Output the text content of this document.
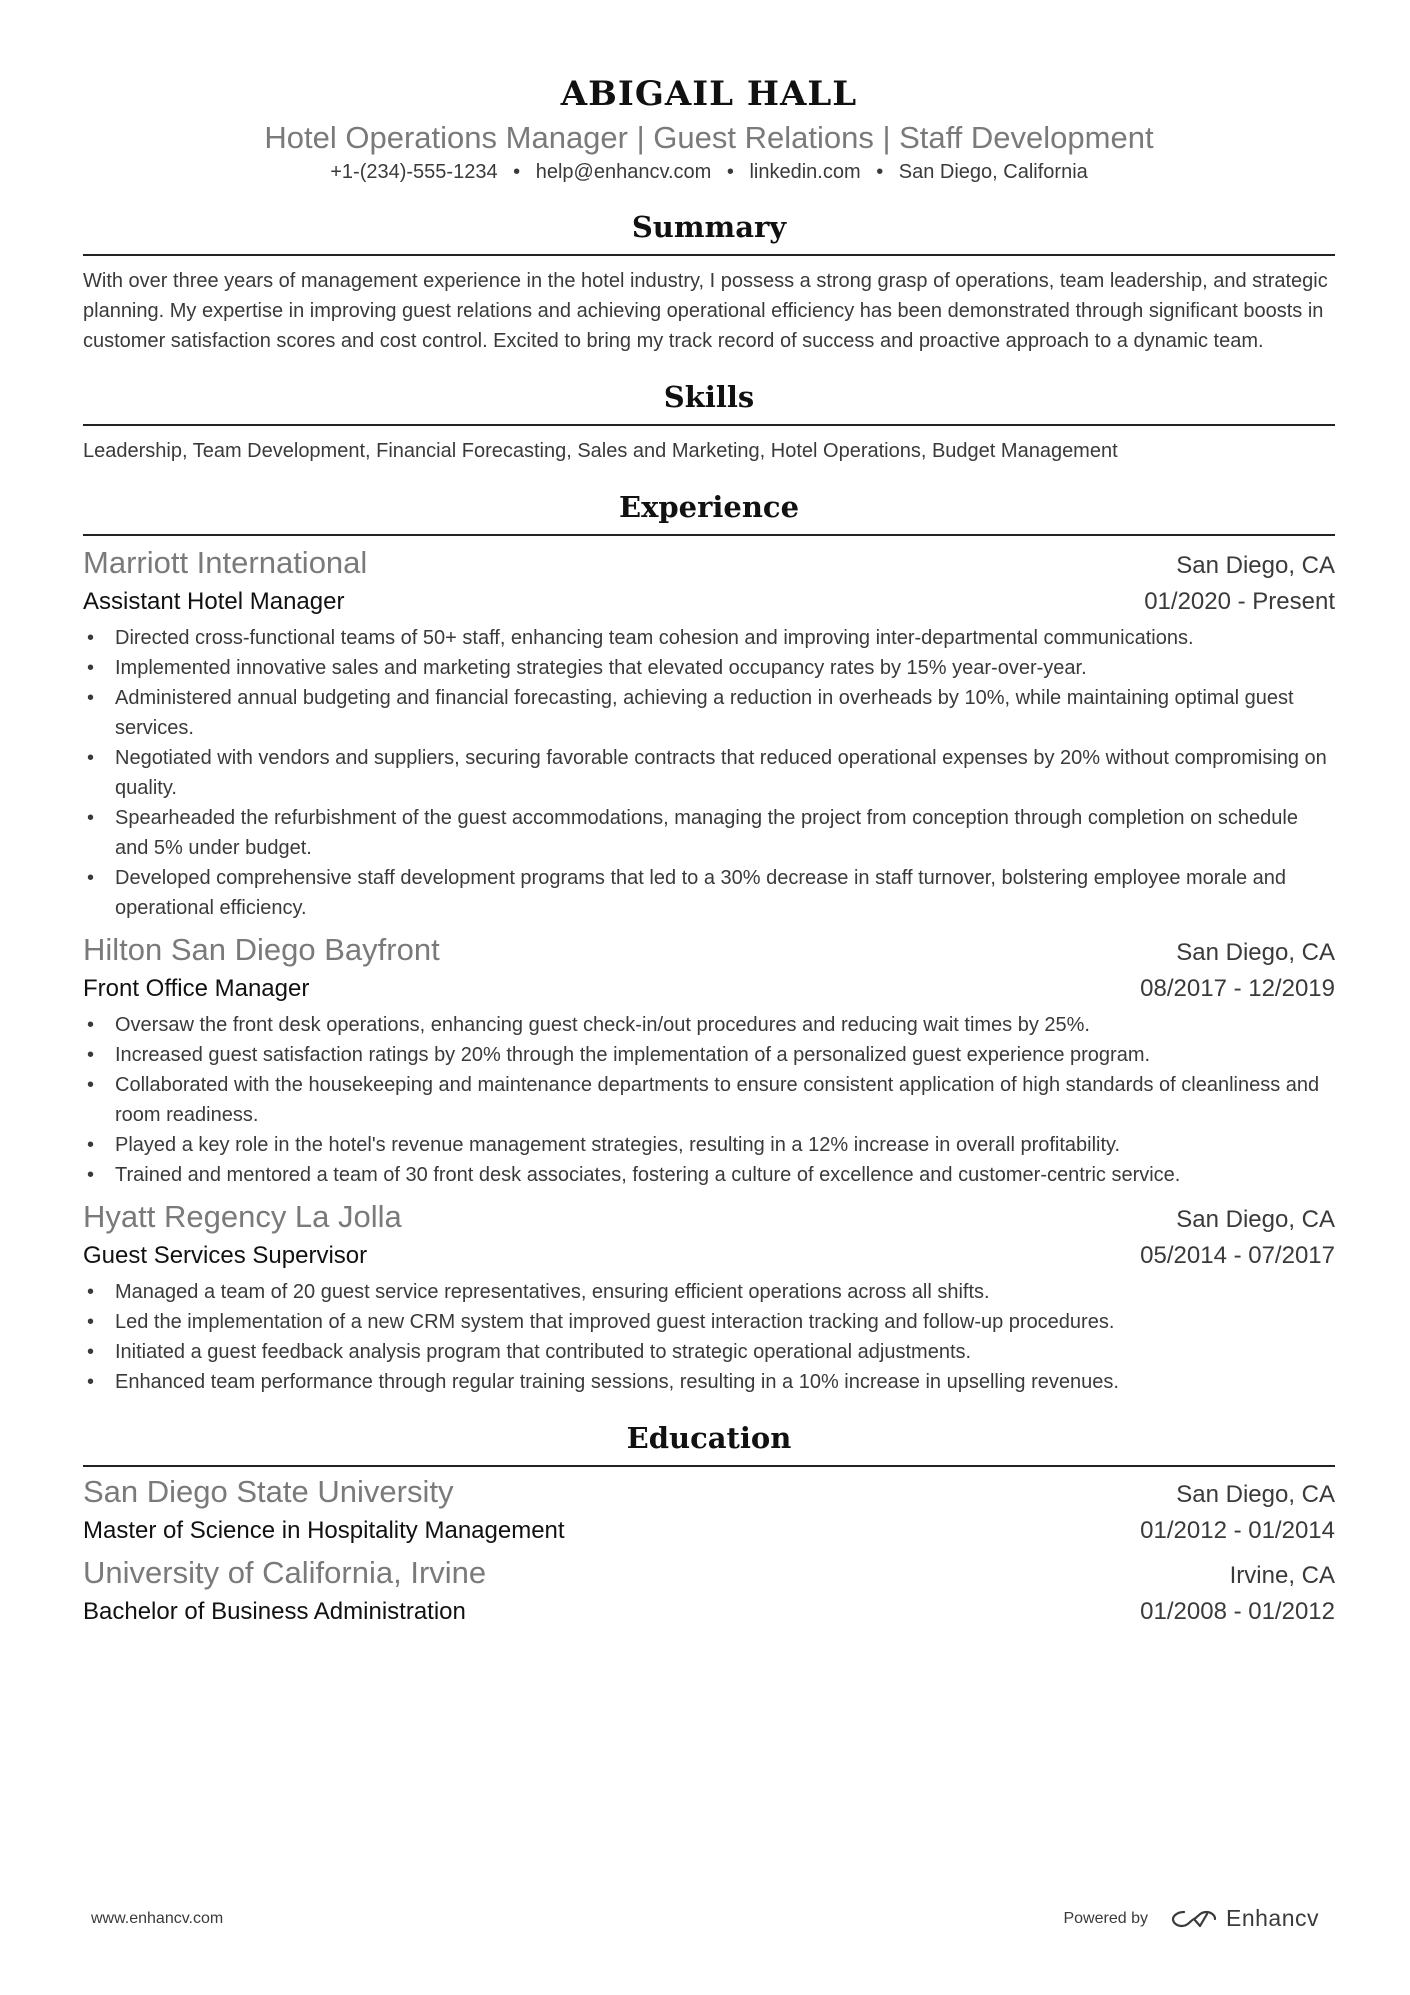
ABIGAIL HALL
Hotel Operations Manager | Guest Relations | Staff Development
+1-(234)-555-1234 • help@enhancv.com • linkedin.com • San Diego, California
Summary
With over three years of management experience in the hotel industry, I possess a strong grasp of operations, team leadership, and strategic planning. My expertise in improving guest relations and achieving operational efficiency has been demonstrated through significant boosts in customer satisfaction scores and cost control. Excited to bring my track record of success and proactive approach to a dynamic team.
Skills
Leadership, Team Development, Financial Forecasting, Sales and Marketing, Hotel Operations, Budget Management
Experience
Marriott International	San Diego, CA
Assistant Hotel Manager	01/2020 - Present
• Directed cross-functional teams of 50+ staff, enhancing team cohesion and improving inter-departmental communications.
• Implemented innovative sales and marketing strategies that elevated occupancy rates by 15% year-over-year.
• Administered annual budgeting and financial forecasting, achieving a reduction in overheads by 10%, while maintaining optimal guest services.
• Negotiated with vendors and suppliers, securing favorable contracts that reduced operational expenses by 20% without compromising on quality.
• Spearheaded the refurbishment of the guest accommodations, managing the project from conception through completion on schedule and 5% under budget.
• Developed comprehensive staff development programs that led to a 30% decrease in staff turnover, bolstering employee morale and operational efficiency.
Hilton San Diego Bayfront	San Diego, CA
Front Office Manager	08/2017 - 12/2019
• Oversaw the front desk operations, enhancing guest check-in/out procedures and reducing wait times by 25%.
• Increased guest satisfaction ratings by 20% through the implementation of a personalized guest experience program.
• Collaborated with the housekeeping and maintenance departments to ensure consistent application of high standards of cleanliness and room readiness.
• Played a key role in the hotel's revenue management strategies, resulting in a 12% increase in overall profitability.
• Trained and mentored a team of 30 front desk associates, fostering a culture of excellence and customer-centric service.
Hyatt Regency La Jolla	San Diego, CA
Guest Services Supervisor	05/2014 - 07/2017
• Managed a team of 20 guest service representatives, ensuring efficient operations across all shifts.
• Led the implementation of a new CRM system that improved guest interaction tracking and follow-up procedures.
• Initiated a guest feedback analysis program that contributed to strategic operational adjustments.
• Enhanced team performance through regular training sessions, resulting in a 10% increase in upselling revenues.
Education
San Diego State University	San Diego, CA
Master of Science in Hospitality Management	01/2012 - 01/2014
University of California, Irvine	Irvine, CA
Bachelor of Business Administration	01/2008 - 01/2012
www.enhancv.com	Powered by	Enhancv
